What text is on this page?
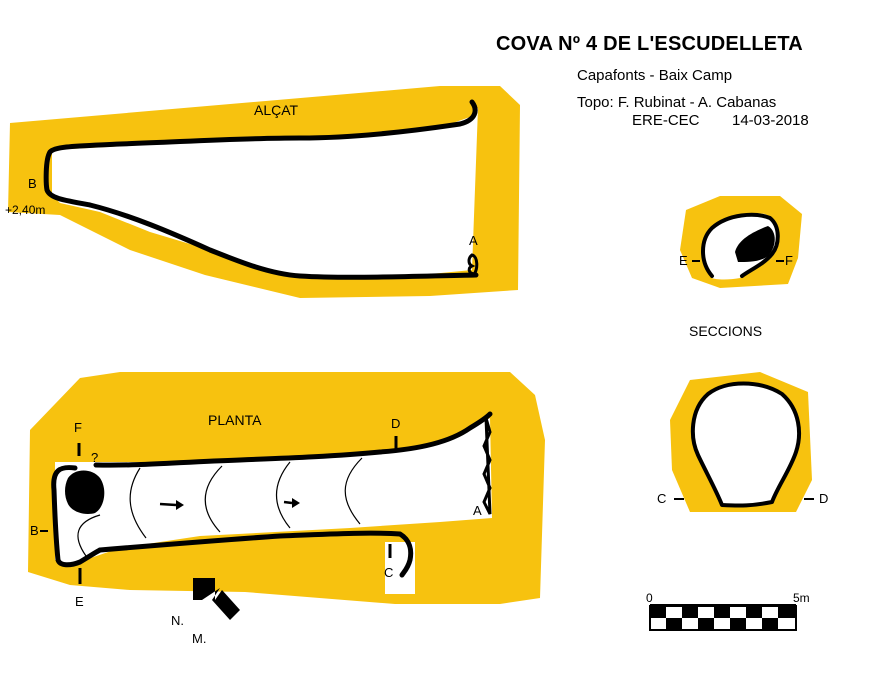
COVA Nº 4 DE L'ESCUDELLETA
Capafonts - Baix Camp
Topo: F. Rubinat - A. Cabanas
ERE-CEC 14-03-2018
ALÇAT
B
+2,40m
A
PLANTA
F
?
D
B
A
C
E
E	F
SECCIONS
C	D
N.
M.
0	5m
